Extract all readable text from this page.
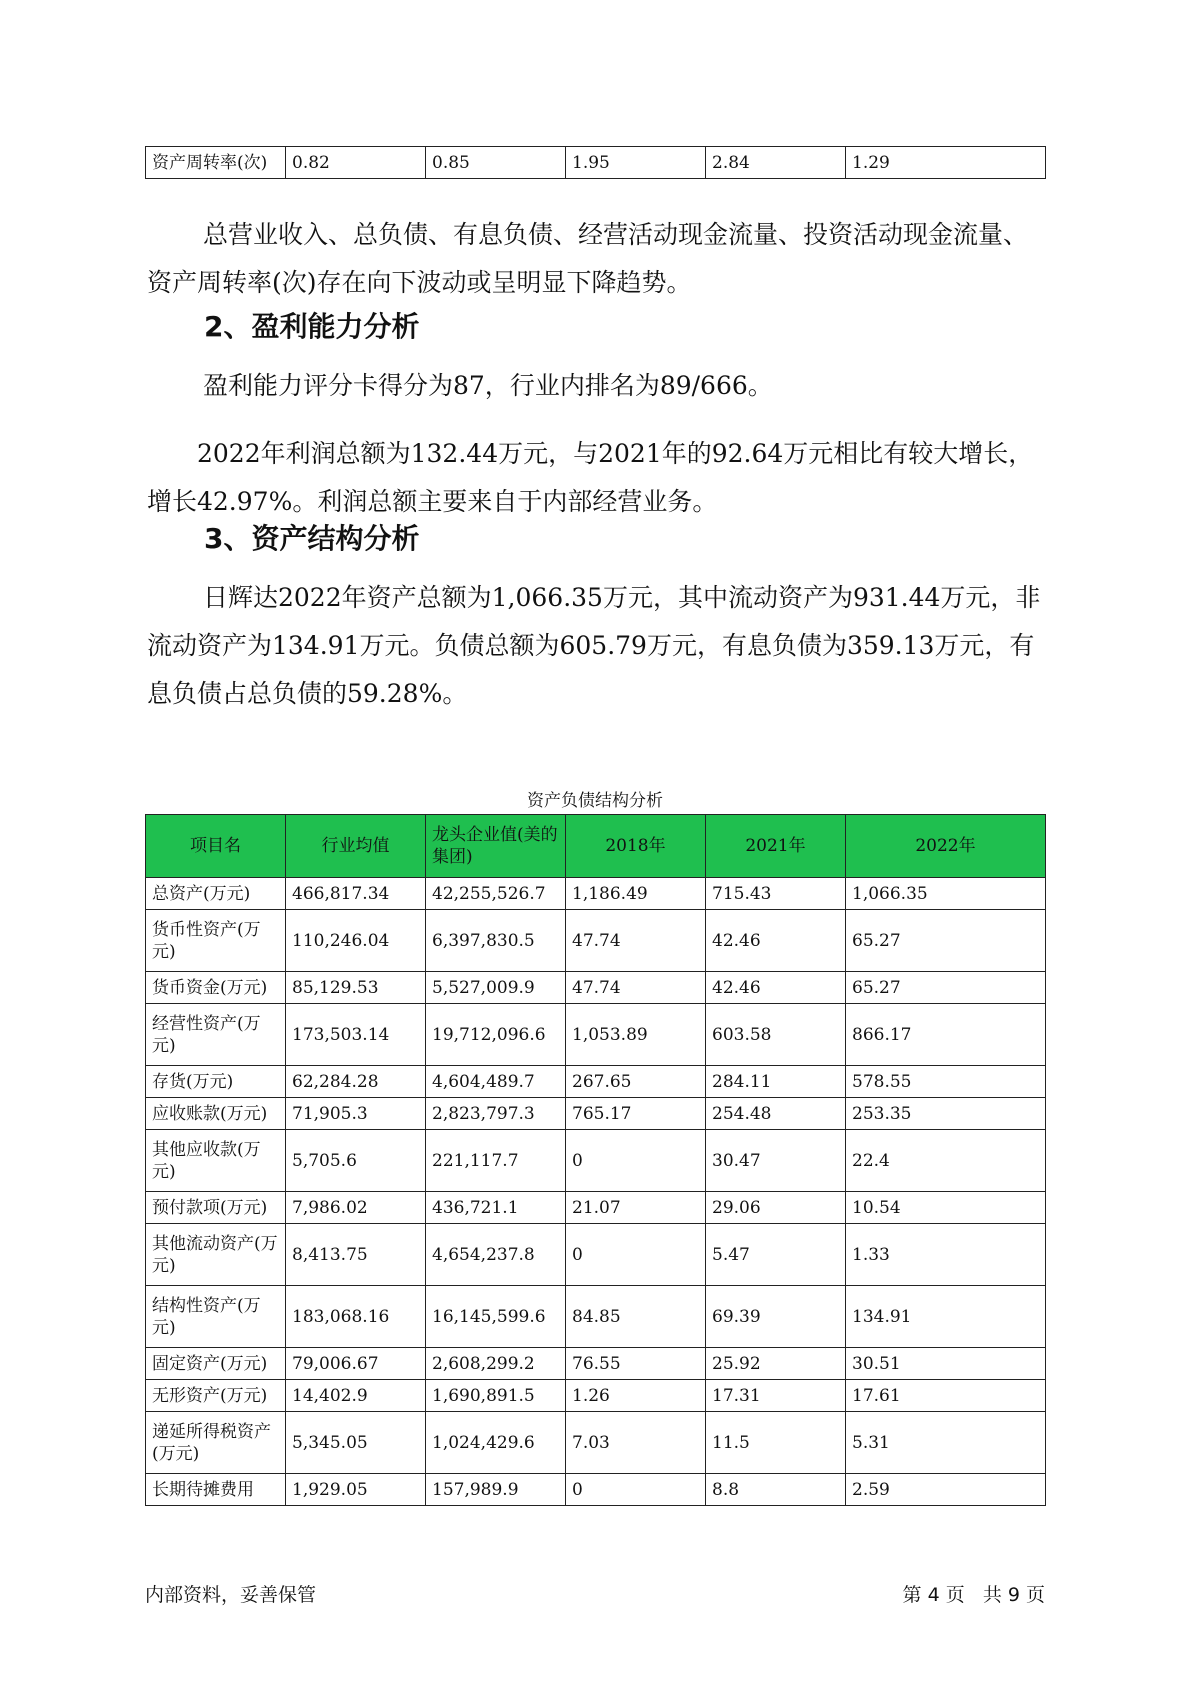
资产周转率(次)	0.82	0.85	1.95	2.84	1.29

总营业收入、总负债、有息负债、经营活动现金流量、投资活动现金流量、资产周转率(次)存在向下波动或呈明显下降趋势。

2、盈利能力分析

盈利能力评分卡得分为87，行业内排名为89/666。

2022年利润总额为132.44万元，与2021年的92.64万元相比有较大增长，增长42.97%。利润总额主要来自于内部经营业务。

3、资产结构分析

日辉达2022年资产总额为1,066.35万元，其中流动资产为931.44万元，非流动资产为134.91万元。负债总额为605.79万元，有息负债为359.13万元，有息负债占总负债的59.28%。

资产负债结构分析
项目名	行业均值	龙头企业值(美的集团)	2018年	2021年	2022年
总资产(万元)	466,817.34	42,255,526.7	1,186.49	715.43	1,066.35
货币性资产(万元)	110,246.04	6,397,830.5	47.74	42.46	65.27
货币资金(万元)	85,129.53	5,527,009.9	47.74	42.46	65.27
经营性资产(万元)	173,503.14	19,712,096.6	1,053.89	603.58	866.17
存货(万元)	62,284.28	4,604,489.7	267.65	284.11	578.55
应收账款(万元)	71,905.3	2,823,797.3	765.17	254.48	253.35
其他应收款(万元)	5,705.6	221,117.7	0	30.47	22.4
预付款项(万元)	7,986.02	436,721.1	21.07	29.06	10.54
其他流动资产(万元)	8,413.75	4,654,237.8	0	5.47	1.33
结构性资产(万元)	183,068.16	16,145,599.6	84.85	69.39	134.91
固定资产(万元)	79,006.67	2,608,299.2	76.55	25.92	30.51
无形资产(万元)	14,402.9	1,690,891.5	1.26	17.31	17.61
递延所得税资产(万元)	5,345.05	1,024,429.6	7.03	11.5	5.31
长期待摊费用	1,929.05	157,989.9	0	8.8	2.59
内部资料，妥善保管	第 4 页   共 9 页
